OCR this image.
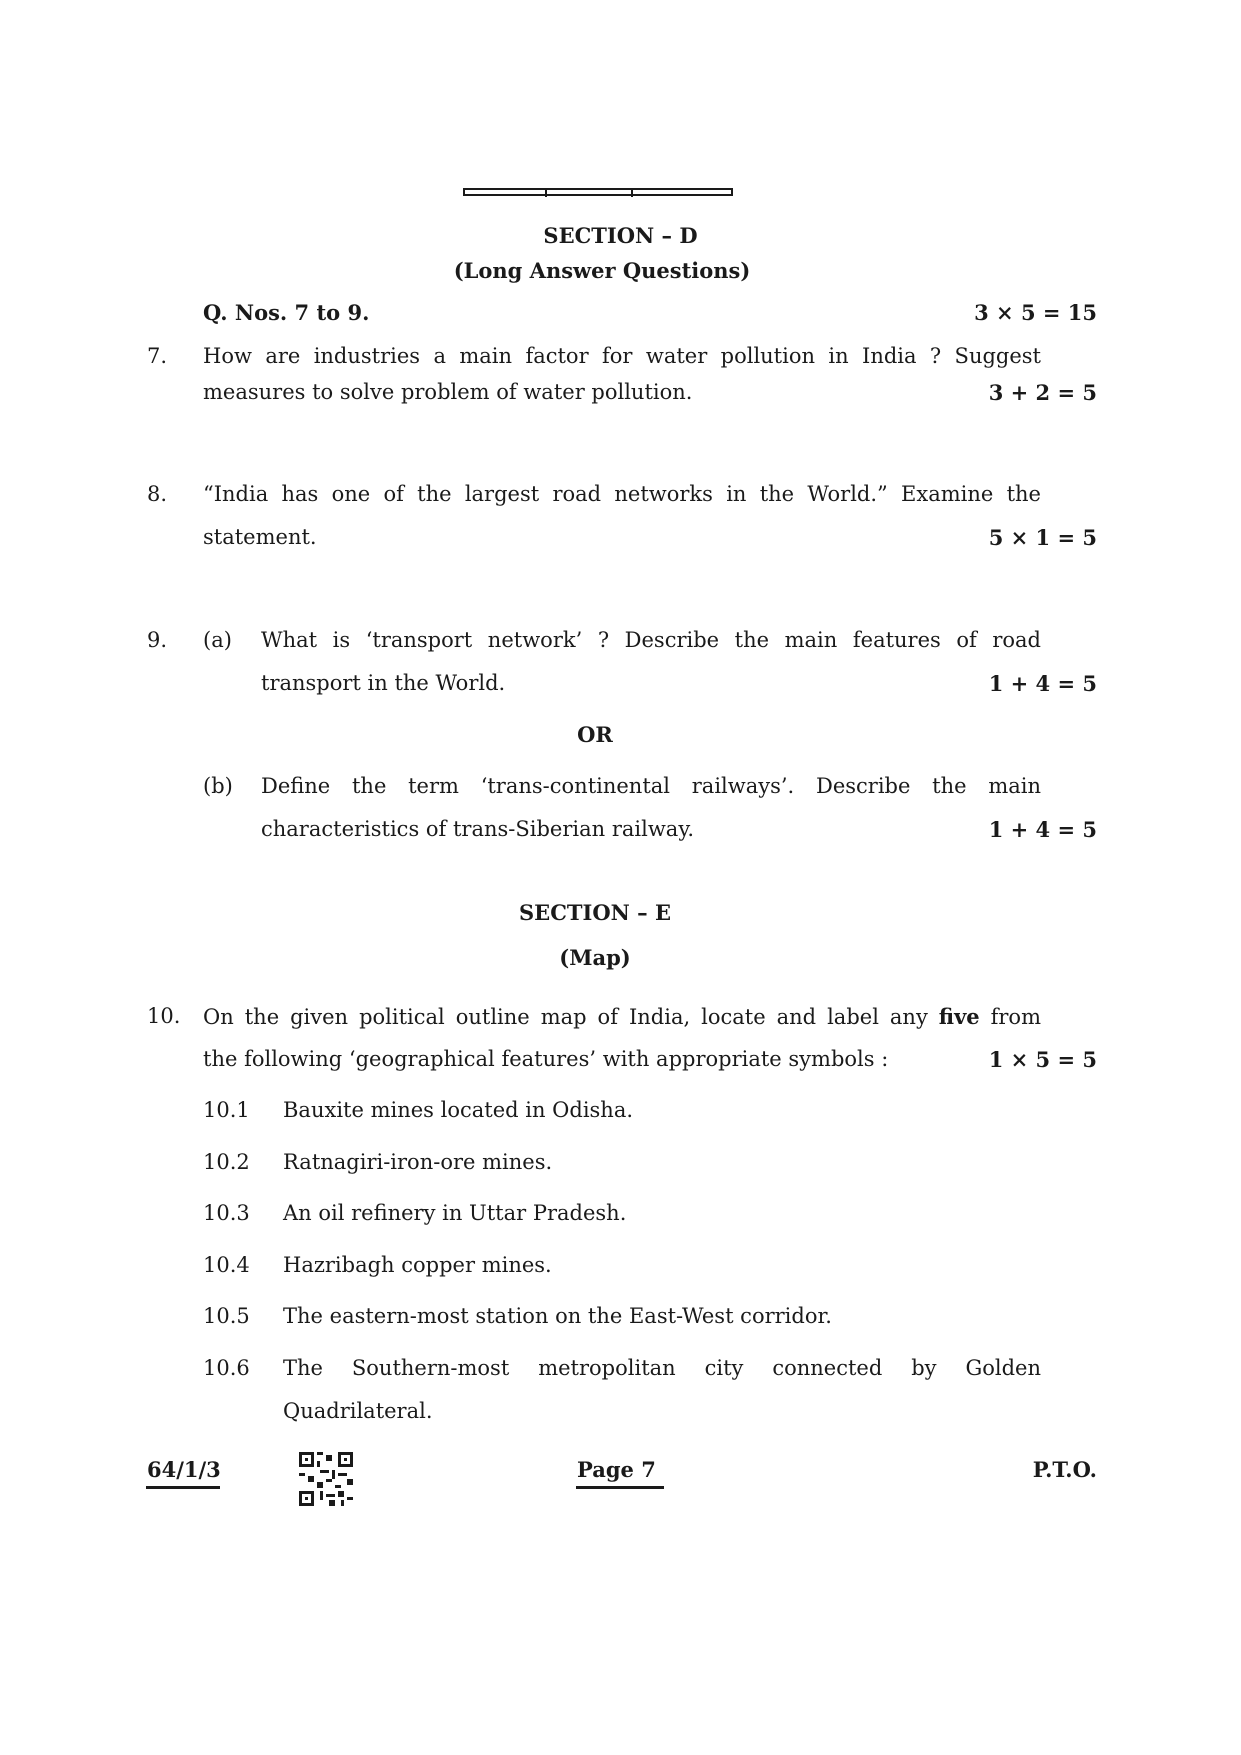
SECTION – D
(Long Answer Questions)
Q. Nos. 7 to 9.	3 × 5 = 15
7. How are industries a main factor for water pollution in India ? Suggest
measures to solve problem of water pollution.	3 + 2 = 5
8. “India has one of the largest road networks in the World.” Examine the
statement.	5 × 1 = 5
9. (a) What is ‘transport network’ ? Describe the main features of road
transport in the World.	1 + 4 = 5
OR
(b) Define the term ‘trans-continental railways’. Describe the main
characteristics of trans-Siberian railway.	1 + 4 = 5
SECTION – E
(Map)
10. On the given political outline map of India, locate and label any five from
the following ‘geographical features’ with appropriate symbols :	1 × 5 = 5
10.1 Bauxite mines located in Odisha.
10.2 Ratnagiri-iron-ore mines.
10.3 An oil refinery in Uttar Pradesh.
10.4 Hazribagh copper mines.
10.5 The eastern-most station on the East-West corridor.
10.6 The Southern-most metropolitan city connected by Golden
Quadrilateral.
64/1/3	Page 7	P.T.O.
